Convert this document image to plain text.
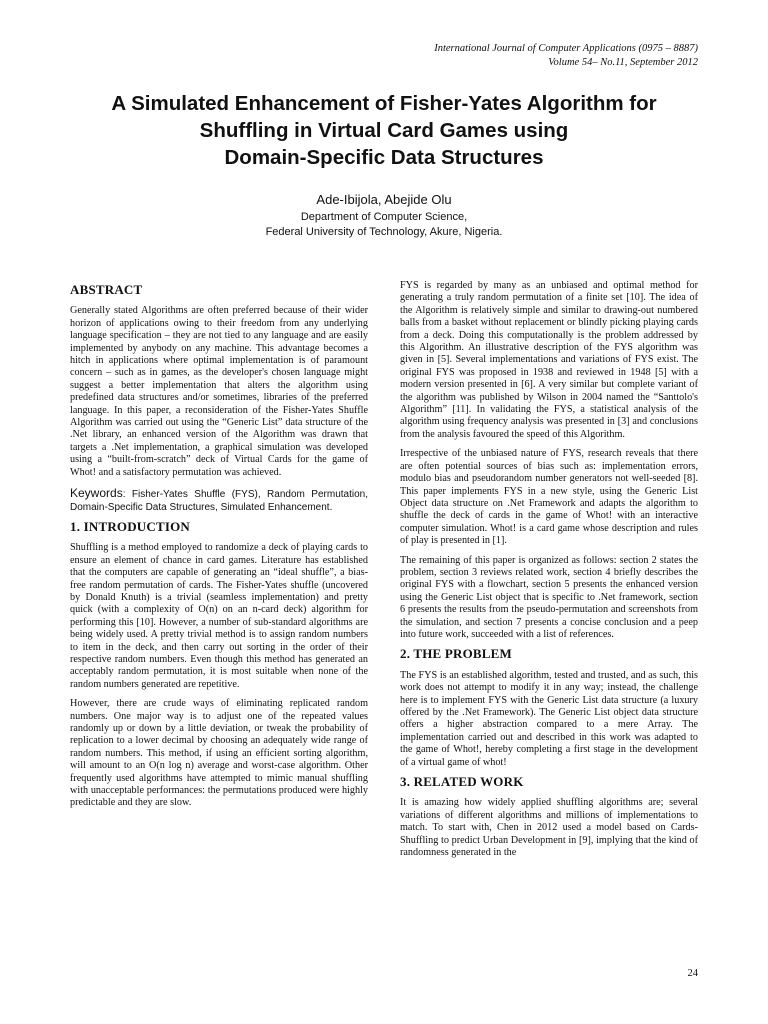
International Journal of Computer Applications (0975 – 8887)
Volume 54– No.11, September 2012
A Simulated Enhancement of Fisher-Yates Algorithm for
Shuffling in Virtual Card Games using
Domain-Specific Data Structures
Ade-Ibijola, Abejide Olu
Department of Computer Science,
Federal University of Technology, Akure, Nigeria.
ABSTRACT

Generally stated Algorithms are often preferred because of their wider horizon of applications owing to their freedom from any underlying language specification – they are not tied to any language and are easily implemented by anybody on any machine. This advantage becomes a hitch in applications where optimal implementation is of paramount concern – such as in games, as the developer's chosen language might suggest a better implementation that alters the algorithm using predefined data structures and/or sometimes, libraries of the preferred language. In this paper, a reconsideration of the Fisher-Yates Shuffle Algorithm was carried out using the “Generic List” data structure of the .Net library, an enhanced version of the Algorithm was drawn that targets a .Net implementation, a graphical simulation was developed using a “built-from-scratch” deck of Virtual Cards for the game of Whot! and a satisfactory permutation was achieved.

Keywords: Fisher-Yates Shuffle (FYS), Random Permutation, Domain-Specific Data Structures, Simulated Enhancement.

1. INTRODUCTION

Shuffling is a method employed to randomize a deck of playing cards to ensure an element of chance in card games. Literature has established that the computers are capable of generating an “ideal shuffle”, a bias-free random permutation of cards. The Fisher-Yates shuffle (uncovered by Donald Knuth) is a trivial (seamless implementation) and pretty quick (with a complexity of O(n) on an n-card deck) algorithm for performing this [10]. However, a number of sub-standard algorithms are being widely used. A pretty trivial method is to assign random numbers to item in the deck, and then carry out sorting in the order of their respective random numbers. Even though this method has generated an acceptably random permutation, it is most suitable when none of the random numbers generated are repetitive.

However, there are crude ways of eliminating replicated random numbers. One major way is to adjust one of the repeated values randomly up or down by a little deviation, or tweak the probability of replication to a lower decimal by choosing an adequately wide range of random numbers. This method, if using an efficient sorting algorithm, will amount to an O(n log n) average and worst-case algorithm. Other frequently used algorithms have attempted to mimic manual shuffling with unacceptable performances: the permutations produced were highly predictable and they are slow.

FYS is regarded by many as an unbiased and optimal method for generating a truly random permutation of a finite set [10]. The idea of the Algorithm is relatively simple and similar to drawing-out numbered balls from a basket without replacement or blindly picking playing cards from a deck. Doing this computationally is the problem addressed by this Algorithm. An illustrative description of the FYS algorithm was given in [5]. Several implementations and variations of FYS exist. The original FYS was proposed in 1938 and reviewed in 1948 [5] with a modern version presented in [6]. A very similar but complete variant of the algorithm was published by Wilson in 2004 named the “Santtolo's Algorithm” [11]. In validating the FYS, a statistical analysis of the algorithm using frequency analysis was presented in [3] and conclusions from the analysis favoured the speed of this Algorithm.

Irrespective of the unbiased nature of FYS, research reveals that there are often potential sources of bias such as: implementation errors, modulo bias and pseudorandom number generators not well-seeded [8]. This paper implements FYS in a new style, using the Generic List Object data structure on .Net Framework and adapts the algorithm to shuffle the deck of cards in the game of Whot! with an interactive computer simulation. Whot! is a card game whose description and rules of play is presented in [1].

The remaining of this paper is organized as follows: section 2 states the problem, section 3 reviews related work, section 4 briefly describes the original FYS with a flowchart, section 5 presents the enhanced version using the Generic List object that is specific to .Net framework, section 6 presents the results from the pseudo-permutation and screenshots from the simulation, and section 7 presents a concise conclusion and a peep into future work, succeeded with a list of references.

2. THE PROBLEM

The FYS is an established algorithm, tested and trusted, and as such, this work does not attempt to modify it in any way; instead, the challenge here is to implement FYS with the Generic List data structure (a luxury offered by the .Net Framework). The Generic List object data structure offers a higher abstraction compared to a mere Array. The implementation carried out and described in this work was adapted to the game of Whot!, hereby completing a first stage in the development of a virtual game of whot!

3. RELATED WORK

It is amazing how widely applied shuffling algorithms are; several variations of different algorithms and millions of implementations to match. To start with, Chen in 2012 used a model based on Cards-Shuffling to predict Urban Development in [9], implying that the kind of randomness generated in the

24
